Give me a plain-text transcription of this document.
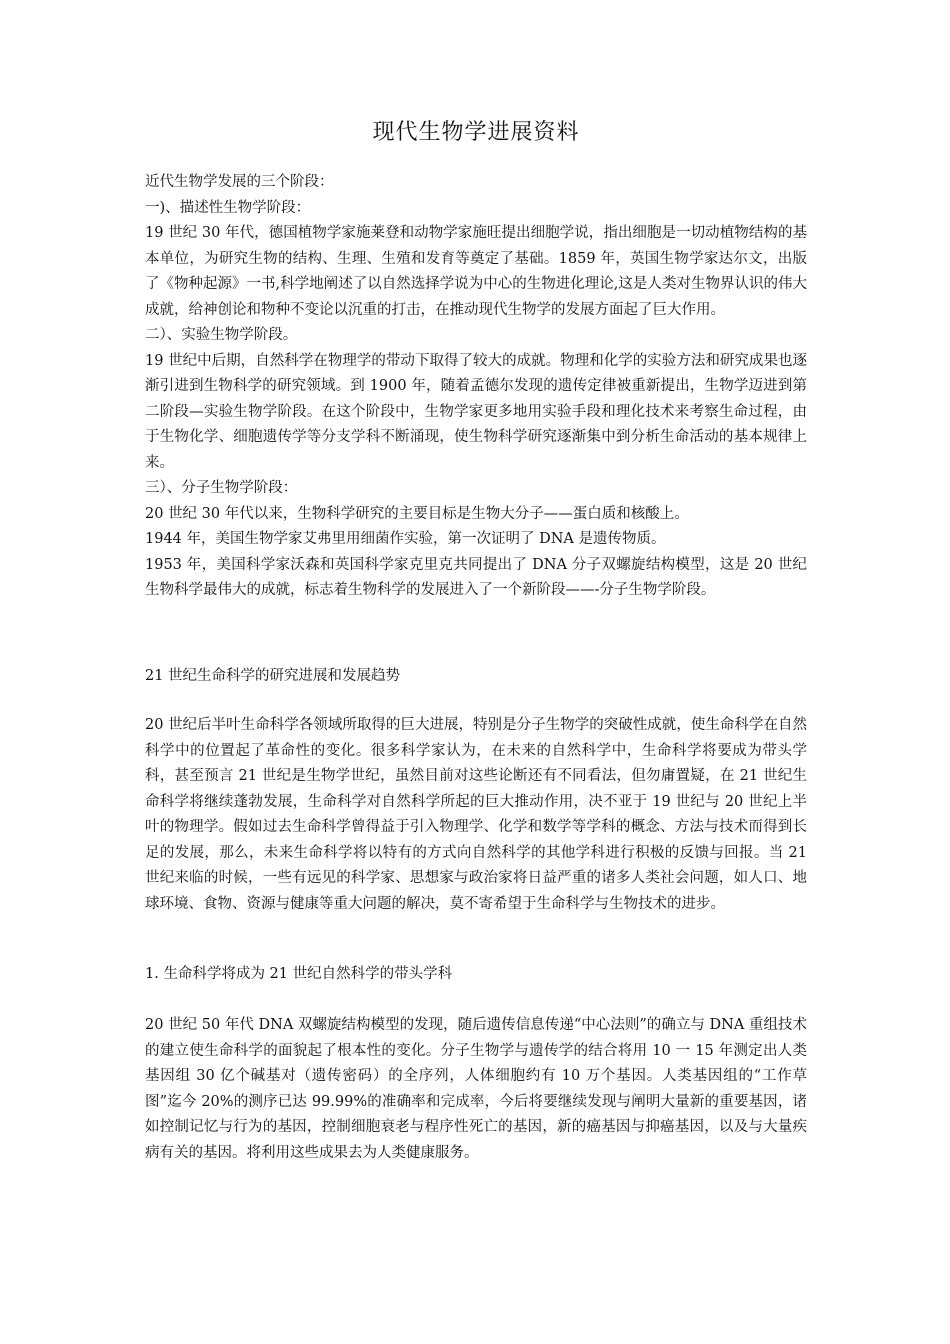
现代生物学进展资料

近代生物学发展的三个阶段：

一)、描述性生物学阶段：

19 世纪 30 年代，德国植物学家施莱登和动物学家施旺提出细胞学说，指出细胞是一切动植物结构的基本单位，为研究生物的结构、生理、生殖和发育等奠定了基础。1859 年，英国生物学家达尔文，出版了《物种起源》一书,科学地阐述了以自然选择学说为中心的生物进化理论,这是人类对生物界认识的伟大成就，给神创论和物种不变论以沉重的打击，在推动现代生物学的发展方面起了巨大作用。

二）、实验生物学阶段。

19 世纪中后期，自然科学在物理学的带动下取得了较大的成就。物理和化学的实验方法和研究成果也逐渐引进到生物科学的研究领域。到 1900 年，随着孟德尔发现的遗传定律被重新提出，生物学迈进到第二阶段—实验生物学阶段。在这个阶段中，生物学家更多地用实验手段和理化技术来考察生命过程，由于生物化学、细胞遗传学等分支学科不断涌现，使生物科学研究逐渐集中到分析生命活动的基本规律上来。

三）、分子生物学阶段：

20 世纪 30 年代以来，生物科学研究的主要目标是生物大分子——蛋白质和核酸上。

1944 年，美国生物学家艾弗里用细菌作实验，第一次证明了 DNA 是遗传物质。

1953 年，美国科学家沃森和英国科学家克里克共同提出了 DNA 分子双螺旋结构模型，这是 20 世纪生物科学最伟大的成就，标志着生物科学的发展进入了一个新阶段——-分子生物学阶段。

21 世纪生命科学的研究进展和发展趋势

20 世纪后半叶生命科学各领域所取得的巨大进展，特别是分子生物学的突破性成就，使生命科学在自然科学中的位置起了革命性的变化。很多科学家认为，在未来的自然科学中，生命科学将要成为带头学科，甚至预言 21 世纪是生物学世纪，虽然目前对这些论断还有不同看法，但勿庸置疑，在 21 世纪生命科学将继续蓬勃发展，生命科学对自然科学所起的巨大推动作用，决不亚于 19 世纪与 20 世纪上半叶的物理学。假如过去生命科学曾得益于引入物理学、化学和数学等学科的概念、方法与技术而得到长足的发展，那么，未来生命科学将以特有的方式向自然科学的其他学科进行积极的反馈与回报。当 21 世纪来临的时候，一些有远见的科学家、思想家与政治家将日益严重的诸多人类社会问题，如人口、地球环境、食物、资源与健康等重大问题的解决，莫不寄希望于生命科学与生物技术的进步。

1. 生命科学将成为 21 世纪自然科学的带头学科

20 世纪 50 年代 DNA 双螺旋结构模型的发现，随后遗传信息传递“中心法则”的确立与 DNA 重组技术的建立使生命科学的面貌起了根本性的变化。分子生物学与遗传学的结合将用 10 一 15 年测定出人类基因组 30 亿个碱基对（遗传密码）的全序列，人体细胞约有 10 万个基因。人类基因组的“工作草图”迄今 20%的测序已达 99.99%的准确率和完成率，今后将要继续发现与阐明大量新的重要基因，诸如控制记忆与行为的基因，控制细胞衰老与程序性死亡的基因，新的癌基因与抑癌基因，以及与大量疾病有关的基因。将利用这些成果去为人类健康服务。
